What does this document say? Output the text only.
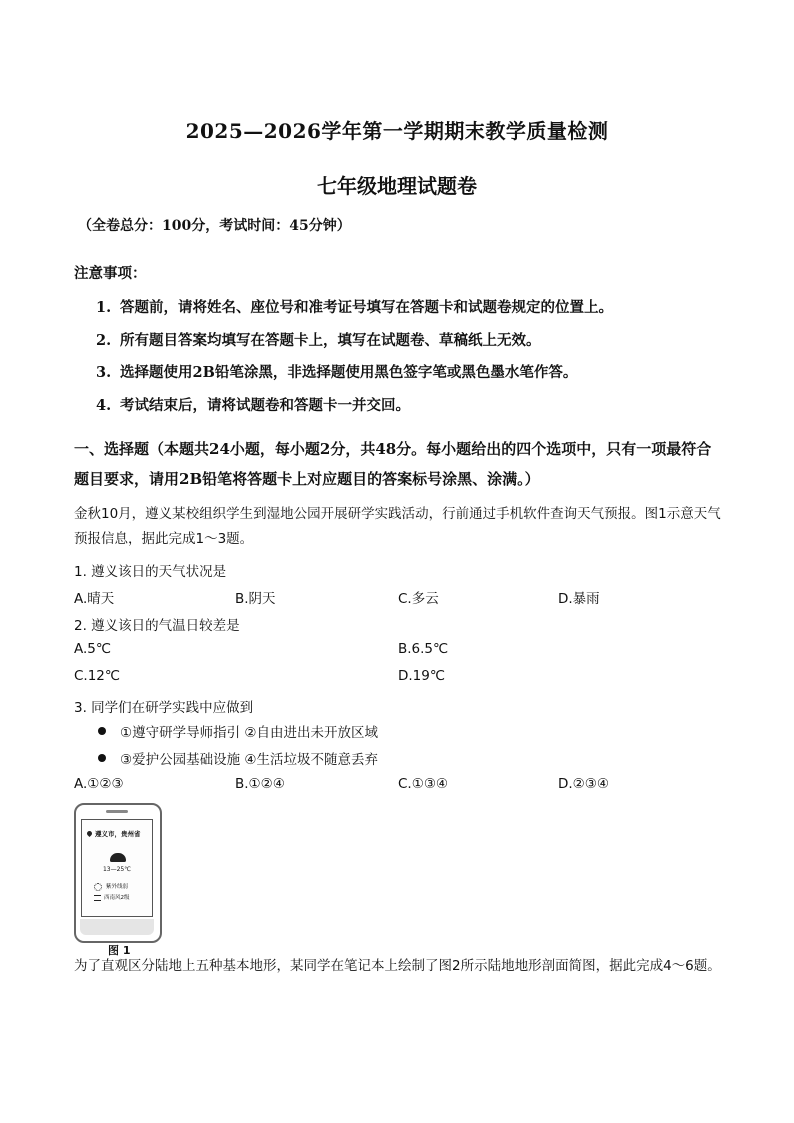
2025—2026学年第一学期期末教学质量检测
七年级地理试题卷
（全卷总分：100分，考试时间：45分钟）
注意事项：
1. 答题前，请将姓名、座位号和准考证号填写在答题卡和试题卷规定的位置上。
2. 所有题目答案均填写在答题卡上，填写在试题卷、草稿纸上无效。
3. 选择题使用2B铅笔涂黑，非选择题使用黑色签字笔或黑色墨水笔作答。
4. 考试结束后，请将试题卷和答题卡一并交回。
一、选择题（本题共24小题，每小题2分，共48分。每小题给出的四个选项中，只有一项最符合题目要求，请用2B铅笔将答题卡上对应题目的答案标号涂黑、涂满。）
金秋10月，遵义某校组织学生到湿地公园开展研学实践活动，行前通过手机软件查询天气预报。图1示意天气预报信息，据此完成1～3题。
1. 遵义该日的天气状况是
A.晴天	B.阴天	C.多云	D.暴雨
2. 遵义该日的气温日较差是
A.5℃	B.6.5℃
C.12℃	D.19℃
3. 同学们在研学实践中应做到
①遵守研学导师指引 ②自由进出未开放区域
③爱护公园基础设施 ④生活垃圾不随意丢弃
A.①②③	B.①②④	C.①③④	D.②③④
遵义市，贵州省
13—25℃
紫外线弱
西南风2级
图 1
为了直观区分陆地上五种基本地形，某同学在笔记本上绘制了图2所示陆地地形剖面简图，据此完成4～6题。
